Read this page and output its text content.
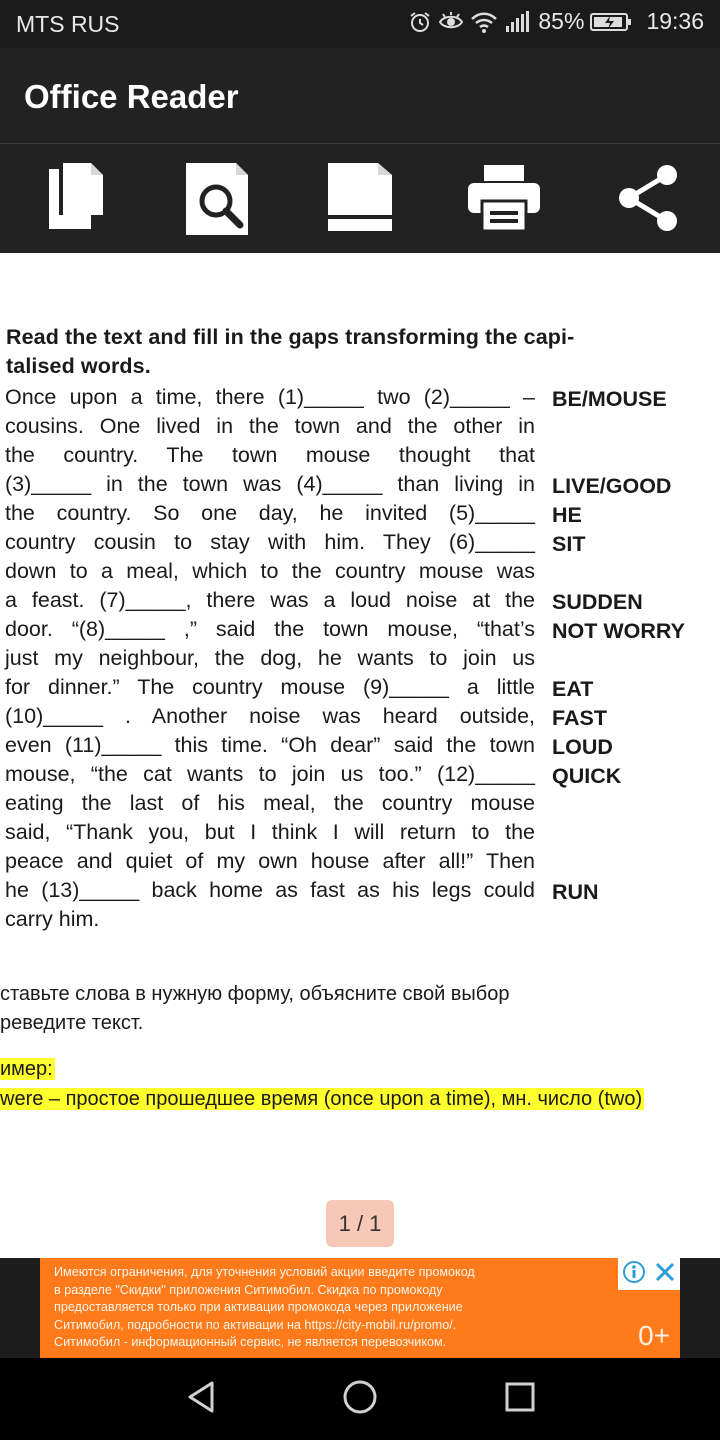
MTS RUS	85%	19:36
Office Reader
Read the text and fill in the gaps transforming the capi-
talised words.
Once upon a time, there (1)_____ two (2)_____ –
cousins. One lived in the town and the other in
the country. The town mouse thought that
(3)_____ in the town was (4)_____ than living in
the country. So one day, he invited (5)_____
country cousin to stay with him. They (6)_____
down to a meal, which to the country mouse was
a feast. (7)_____, there was a loud noise at the
door. “(8)_____ ,” said the town mouse, “that’s
just my neighbour, the dog, he wants to join us
for dinner.” The country mouse (9)_____ a little
(10)_____ . Another noise was heard outside,
even (11)_____ this time. “Oh dear” said the town
mouse, “the cat wants to join us too.” (12)_____
eating the last of his meal, the country mouse
said, “Thank you, but I think I will return to the
peace and quiet of my own house after all!” Then
he (13)_____ back home as fast as his legs could
carry him.
BE/MOUSE
LIVE/GOOD
HE
SIT
SUDDEN
NOT WORRY
EAT
FAST
LOUD
QUICK
RUN
ставьте слова в нужную форму, объясните свой выбор
реведите текст.
имер:
were – простое прошедшее время (once upon a time), мн. число (two)
1 / 1
Имеются ограничения, для уточнения условий акции введите промокод
в разделе "Скидки" приложения Ситимобил. Скидка по промокоду
предоставляется только при активации промокода через приложение
Ситимобил, подробности по активации на https://city-mobil.ru/promo/.
Ситимобил - информационный сервис, не является перевозчиком.	0+
